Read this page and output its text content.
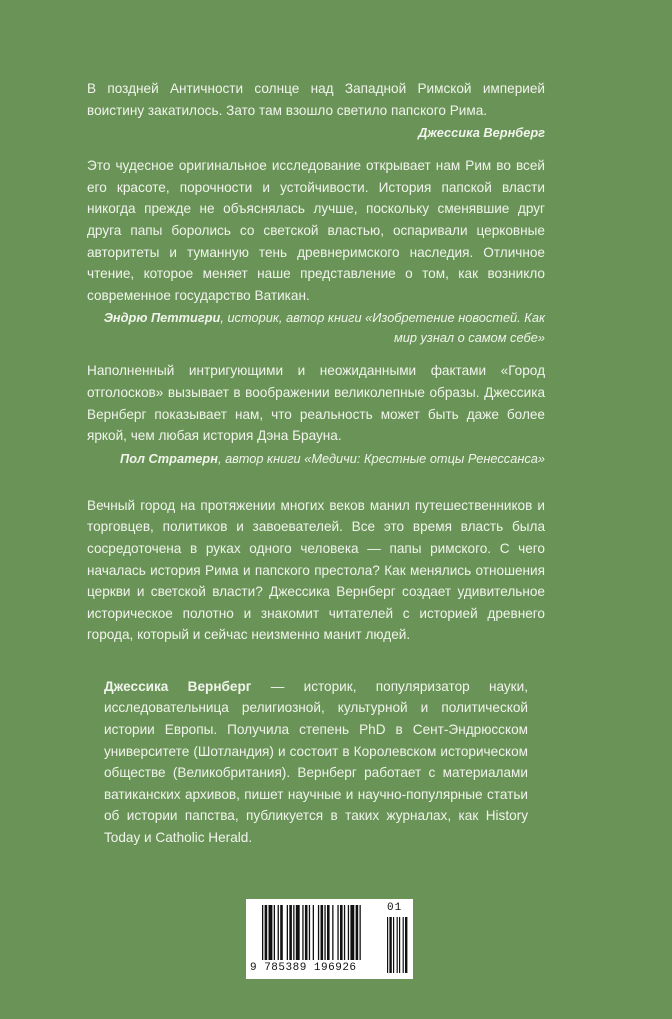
В поздней Античности солнце над Западной Римской империей воистину закатилось. Зато там взошло светило папского Рима.

Джессика Вернберг

Это чудесное оригинальное исследование открывает нам Рим во всей его красоте, порочности и устойчивости. История папской власти никогда прежде не объяснялась лучше, поскольку сменявшие друг друга папы боролись со светской властью, оспаривали церковные авторитеты и туманную тень древнеримского наследия. Отличное чтение, которое меняет наше представление о том, как возникло современное государство Ватикан.

Эндрю Петтигри, историк, автор книги «Изобретение новостей. Как мир узнал о самом себе»

Наполненный интригующими и неожиданными фактами «Город отголосков» вызывает в воображении великолепные образы. Джессика Вернберг показывает нам, что реальность может быть даже более яркой, чем любая история Дэна Брауна.

Пол Стратерн, автор книги «Медичи: Крестные отцы Ренессанса»

Вечный город на протяжении многих веков манил путешественников и торговцев, политиков и завоевателей. Все это время власть была сосредоточена в руках одного человека — папы римского. С чего началась история Рима и папского престола? Как менялись отношения церкви и светской власти? Джессика Вернберг создает удивительное историческое полотно и знакомит читателей с историей древнего города, который и сейчас неизменно манит людей.

Джессика Вернберг — историк, популяризатор науки, исследовательница религиозной, культурной и политической истории Европы. Получила степень PhD в Сент-Эндрюсском университете (Шотландия) и состоит в Королевском историческом обществе (Великобритания). Вернберг работает с материалами ватиканских архивов, пишет научные и научно-популярные статьи об истории папства, публикуется в таких журналах, как History Today и Catholic Herald.

9 785389 196926
01
